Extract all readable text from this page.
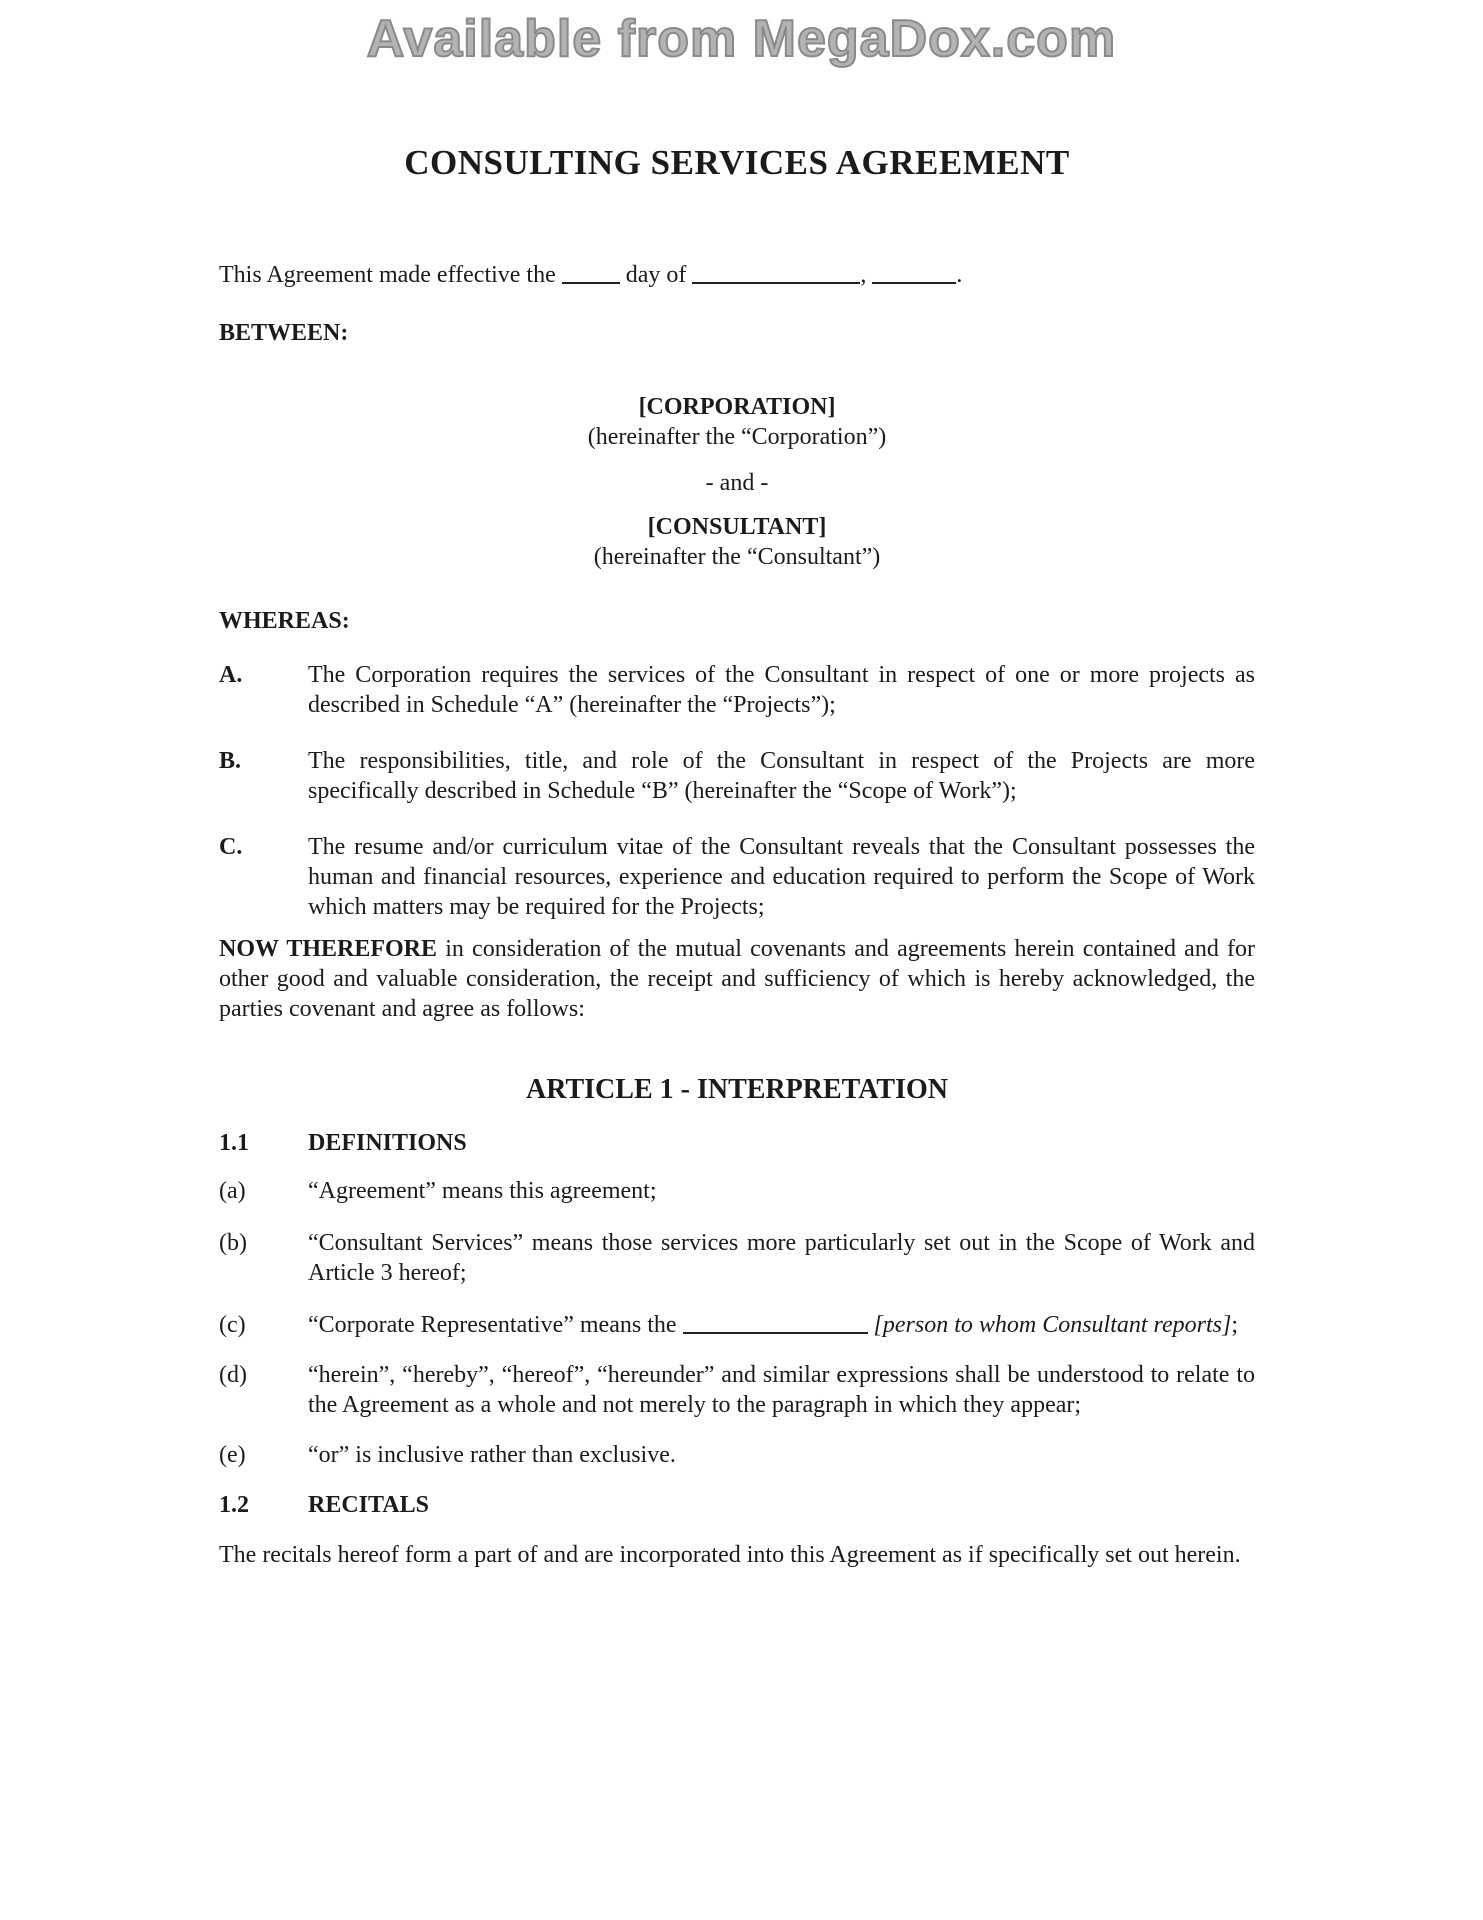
Available from MegaDox.com
CONSULTING SERVICES AGREEMENT

This Agreement made effective the	day of	,	.

BETWEEN:

[CORPORATION]

(hereinafter the “Corporation”)

- and -

[CONSULTANT]

(hereinafter the “Consultant”)

WHEREAS:

A.	The Corporation requires the services of the Consultant in respect of one or more projects as described in Schedule “A” (hereinafter the “Projects”);
B.	The responsibilities, title, and role of the Consultant in respect of the Projects are more specifically described in Schedule “B” (hereinafter the “Scope of Work”);
C.	The resume and/or curriculum vitae of the Consultant reveals that the Consultant possesses the human and financial resources, experience and education required to perform the Scope of Work which matters may be required for the Projects;

NOW THEREFORE in consideration of the mutual covenants and agreements herein contained and for other good and valuable consideration, the receipt and sufficiency of which is hereby acknowledged, the parties covenant and agree as follows:

ARTICLE 1 - INTERPRETATION
1.1	DEFINITIONS
(a)	“Agreement” means this agreement;
(b)	“Consultant Services” means those services more particularly set out in the Scope of Work and Article 3 hereof;
(c)	“Corporate Representative” means the	[person to whom Consultant reports];
(d)	“herein”, “hereby”, “hereof”, “hereunder” and similar expressions shall be understood to relate to the Agreement as a whole and not merely to the paragraph in which they appear;
(e)	“or” is inclusive rather than exclusive.
1.2	RECITALS

The recitals hereof form a part of and are incorporated into this Agreement as if specifically set out herein.
